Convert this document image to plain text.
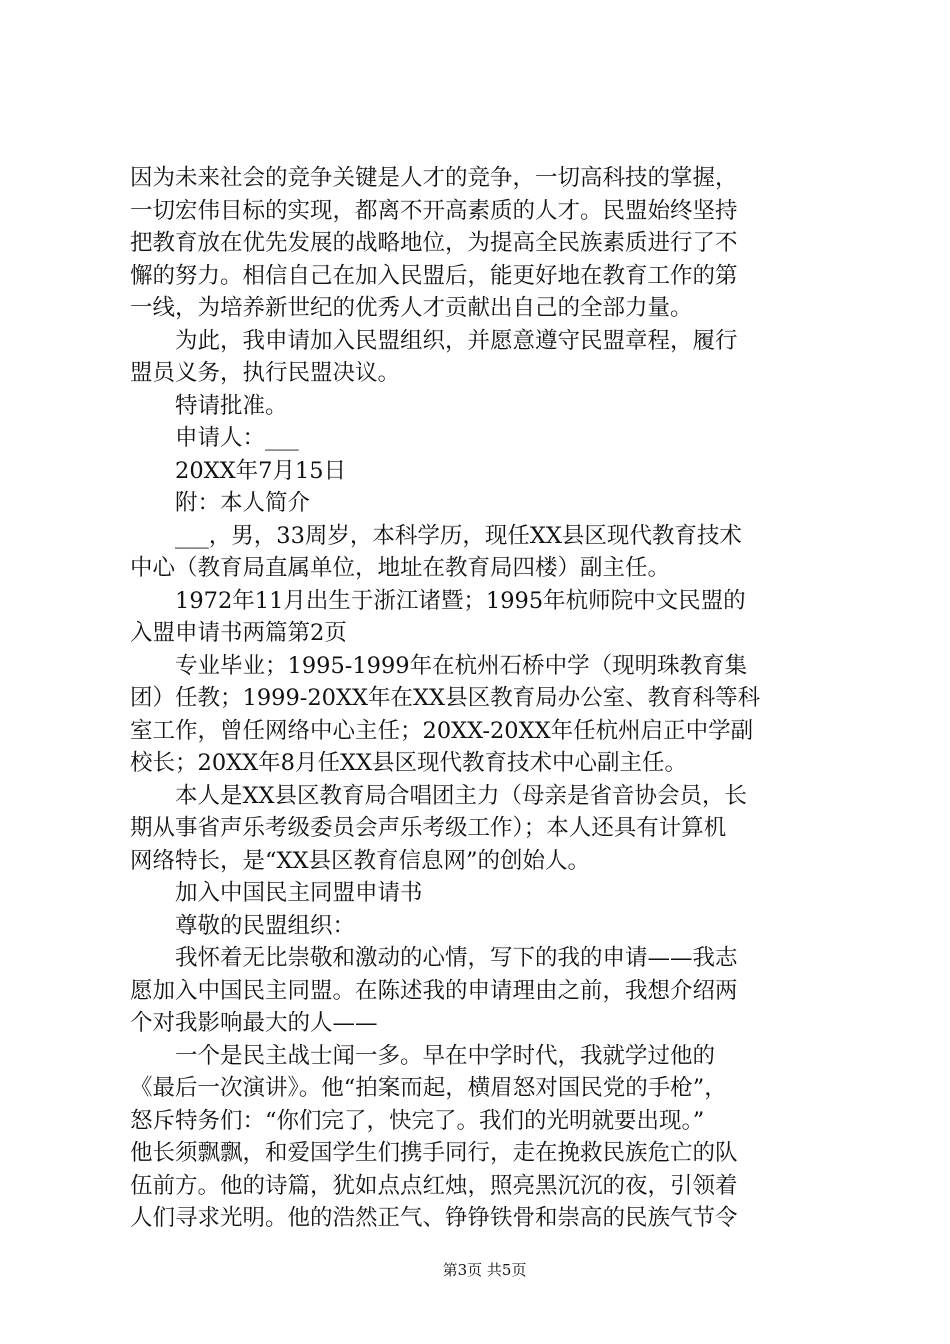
因为未来社会的竞争关键是人才的竞争，一切高科技的掌握，
一切宏伟目标的实现，都离不开高素质的人才。民盟始终坚持
把教育放在优先发展的战略地位，为提高全民族素质进行了不
懈的努力。相信自己在加入民盟后，能更好地在教育工作的第
一线，为培养新世纪的优秀人才贡献出自己的全部力量。
　　为此，我申请加入民盟组织，并愿意遵守民盟章程，履行
盟员义务，执行民盟决议。
　　特请批准。
　　申请人：___
　　20XX年7月15日
　　附：本人简介
　　___，男，33周岁，本科学历，现任XX县区现代教育技术
中心（教育局直属单位，地址在教育局四楼）副主任。
　　1972年11月出生于浙江诸暨；1995年杭师院中文民盟的
入盟申请书两篇第2页
　　专业毕业；1995-1999年在杭州石桥中学（现明珠教育集
团）任教；1999-20XX年在XX县区教育局办公室、教育科等科
室工作，曾任网络中心主任；20XX-20XX年任杭州启正中学副
校长；20XX年8月任XX县区现代教育技术中心副主任。
　　本人是XX县区教育局合唱团主力（母亲是省音协会员，长
期从事省声乐考级委员会声乐考级工作）；本人还具有计算机
网络特长，是“XX县区教育信息网”的创始人。
　　加入中国民主同盟申请书
　　尊敬的民盟组织：
　　我怀着无比崇敬和激动的心情，写下的我的申请——我志
愿加入中国民主同盟。在陈述我的申请理由之前，我想介绍两
个对我影响最大的人——
　　一个是民主战士闻一多。早在中学时代，我就学过他的
《最后一次演讲》。他“拍案而起，横眉怒对国民党的手枪”，
怒斥特务们：“你们完了，快完了。我们的光明就要出现。”
他长须飘飘，和爱国学生们携手同行，走在挽救民族危亡的队
伍前方。他的诗篇，犹如点点红烛，照亮黑沉沉的夜，引领着
人们寻求光明。他的浩然正气、铮铮铁骨和崇高的民族气节令

第3页 共5页
